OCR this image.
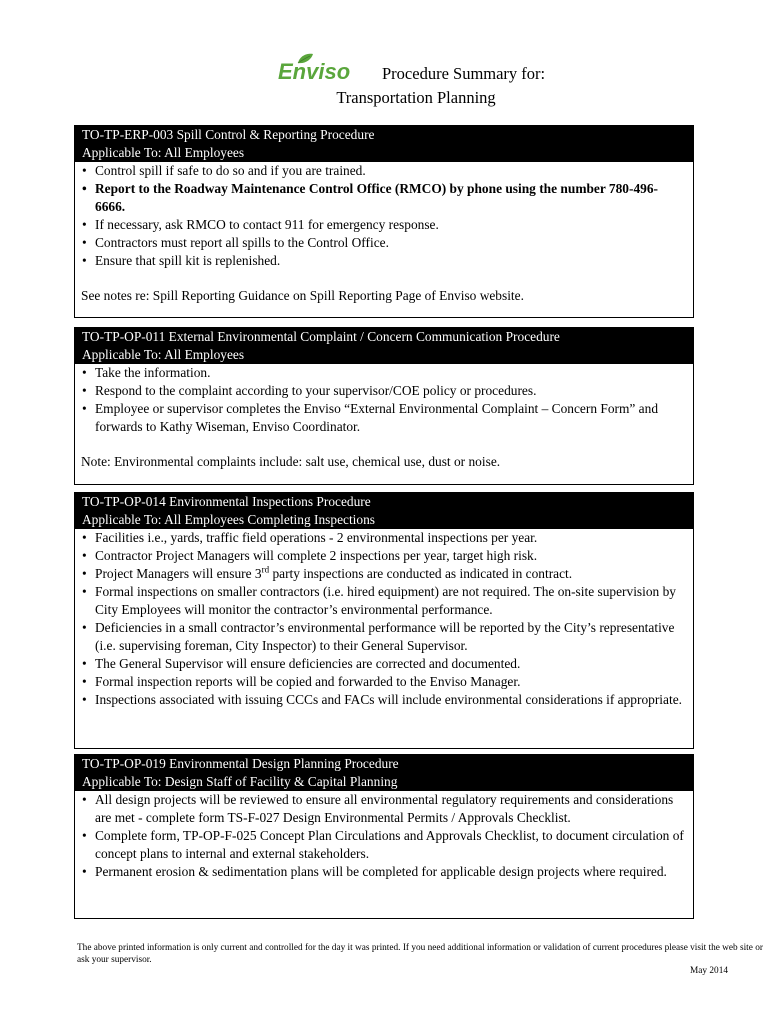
Enviso Procedure Summary for:
Transportation Planning
TO-TP-ERP-003 Spill Control & Reporting Procedure
Applicable To: All Employees
• Control spill if safe to do so and if you are trained.
• Report to the Roadway Maintenance Control Office (RMCO) by phone using the number 780-496-6666.
• If necessary, ask RMCO to contact 911 for emergency response.
• Contractors must report all spills to the Control Office.
• Ensure that spill kit is replenished.
See notes re: Spill Reporting Guidance on Spill Reporting Page of Enviso website.
TO-TP-OP-011 External Environmental Complaint / Concern Communication Procedure
Applicable To: All Employees
• Take the information.
• Respond to the complaint according to your supervisor/COE policy or procedures.
• Employee or supervisor completes the Enviso “External Environmental Complaint – Concern Form” and forwards to Kathy Wiseman, Enviso Coordinator.
Note: Environmental complaints include: salt use, chemical use, dust or noise.
TO-TP-OP-014 Environmental Inspections Procedure
Applicable To: All Employees Completing Inspections
• Facilities i.e., yards, traffic field operations - 2 environmental inspections per year.
• Contractor Project Managers will complete 2 inspections per year, target high risk.
• Project Managers will ensure 3rd party inspections are conducted as indicated in contract.
• Formal inspections on smaller contractors (i.e. hired equipment) are not required. The on-site supervision by City Employees will monitor the contractor’s environmental performance.
• Deficiencies in a small contractor’s environmental performance will be reported by the City’s representative (i.e. supervising foreman, City Inspector) to their General Supervisor.
• The General Supervisor will ensure deficiencies are corrected and documented.
• Formal inspection reports will be copied and forwarded to the Enviso Manager.
• Inspections associated with issuing CCCs and FACs will include environmental considerations if appropriate.
TO-TP-OP-019 Environmental Design Planning Procedure
Applicable To: Design Staff of Facility & Capital Planning
• All design projects will be reviewed to ensure all environmental regulatory requirements and considerations are met - complete form TS-F-027 Design Environmental Permits / Approvals Checklist.
• Complete form, TP-OP-F-025 Concept Plan Circulations and Approvals Checklist, to document circulation of concept plans to internal and external stakeholders.
• Permanent erosion & sedimentation plans will be completed for applicable design projects where required.
The above printed information is only current and controlled for the day it was printed. If you need additional information or validation of current procedures please visit the web site or ask your supervisor.
May 2014
